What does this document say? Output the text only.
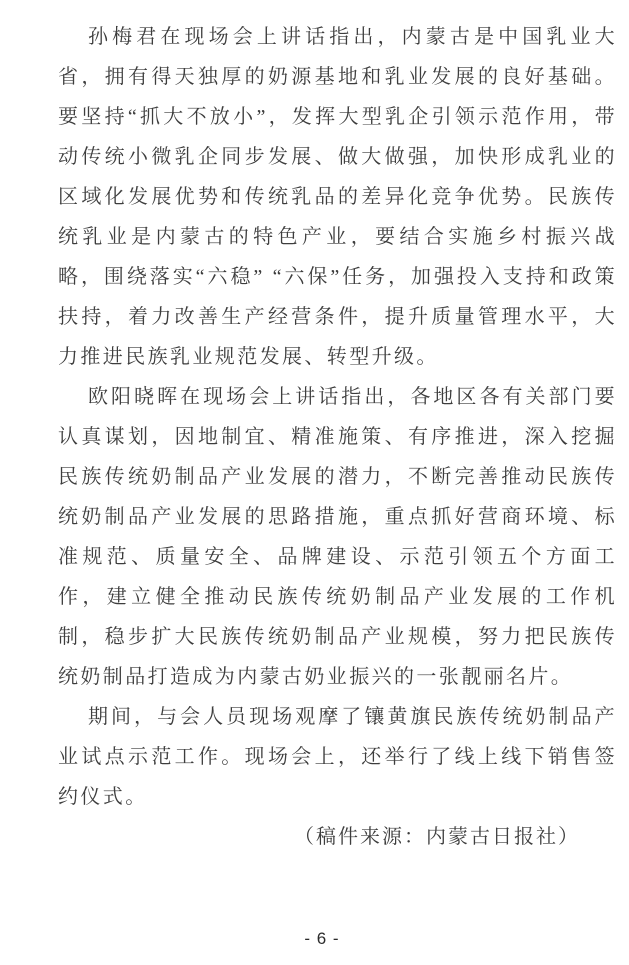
孙梅君在现场会上讲话指出，内蒙古是中国乳业大省，拥有得天独厚的奶源基地和乳业发展的良好基础。要坚持“抓大不放小”，发挥大型乳企引领示范作用，带动传统小微乳企同步发展、做大做强，加快形成乳业的区域化发展优势和传统乳品的差异化竞争优势。民族传统乳业是内蒙古的特色产业，要结合实施乡村振兴战略，围绕落实“六稳” “六保”任务，加强投入支持和政策扶持，着力改善生产经营条件，提升质量管理水平，大力推进民族乳业规范发展、转型升级。

欧阳晓晖在现场会上讲话指出，各地区各有关部门要认真谋划，因地制宜、精准施策、有序推进，深入挖掘民族传统奶制品产业发展的潜力，不断完善推动民族传统奶制品产业发展的思路措施，重点抓好营商环境、标准规范、质量安全、品牌建设、示范引领五个方面工作，建立健全推动民族传统奶制品产业发展的工作机制，稳步扩大民族传统奶制品产业规模，努力把民族传统奶制品打造成为内蒙古奶业振兴的一张靓丽名片。

期间，与会人员现场观摩了镶黄旗民族传统奶制品产业试点示范工作。现场会上，还举行了线上线下销售签约仪式。

（稿件来源：内蒙古日报社）

- 6 -
